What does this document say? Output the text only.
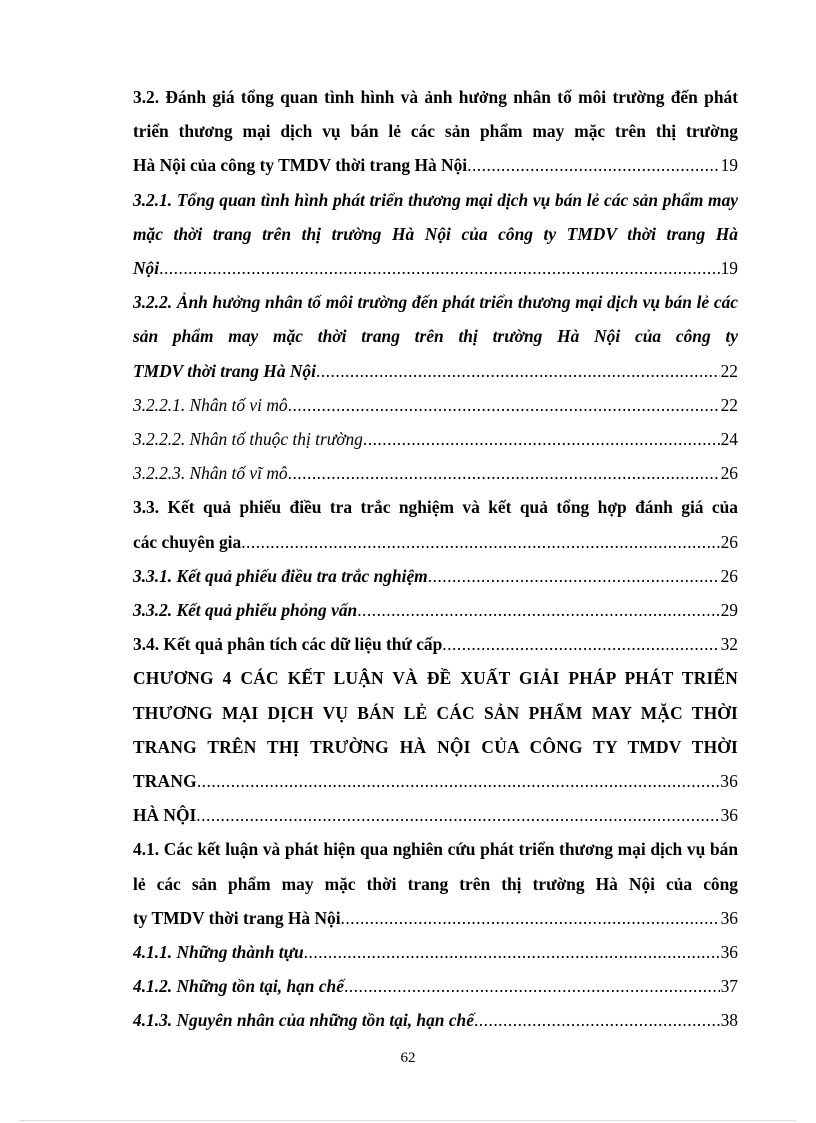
3.2. Đánh giá tổng quan tình hình và ảnh hưởng nhân tố môi trường đến phát triển thương mại dịch vụ bán lẻ các sản phẩm may mặc trên thị trường
Hà Nội của công ty TMDV thời trang Hà Nội .....	19
3.2.1. Tổng quan tình hình phát triển thương mại dịch vụ bán lẻ các sản phẩm may mặc thời trang trên thị trường Hà Nội của công ty TMDV thời trang Hà
Nội .....	19
3.2.2. Ảnh hưởng nhân tố môi trường đến phát triển thương mại dịch vụ bán lẻ các sản phẩm may mặc thời trang trên thị trường Hà Nội của công ty
TMDV thời trang Hà Nội .....	22
3.2.2.1. Nhân tố vi mô .....	22
3.2.2.2. Nhân tố thuộc thị trường .....	24
3.2.2.3. Nhân tố vĩ mô .....	26
3.3. Kết quả phiếu điều tra trắc nghiệm và kết quả tổng hợp đánh giá của
các chuyên gia .....	26
3.3.1. Kết quả phiếu điều tra trắc nghiệm .....	26
3.3.2. Kết quả phiếu phỏng vấn .....	29
3.4. Kết quả phân tích các dữ liệu thứ cấp .....	32
CHƯƠNG 4 CÁC KẾT LUẬN VÀ ĐỀ XUẤT GIẢI PHÁP PHÁT TRIỂN THƯƠNG MẠI DỊCH VỤ BÁN LẺ CÁC SẢN PHẨM MAY MẶC THỜI TRANG TRÊN THỊ TRƯỜNG HÀ NỘI CỦA CÔNG TY TMDV THỜI
TRANG .....	36
HÀ NỘI .....	36
4.1. Các kết luận và phát hiện qua nghiên cứu phát triển thương mại dịch vụ bán lẻ các sản phẩm may mặc thời trang trên thị trường Hà Nội của công
ty TMDV thời trang Hà Nội .....	36
4.1.1. Những thành tựu .....	36
4.1.2. Những tồn tại, hạn chế .....	37
4.1.3. Nguyên nhân của những tồn tại, hạn chế .....	38
62
